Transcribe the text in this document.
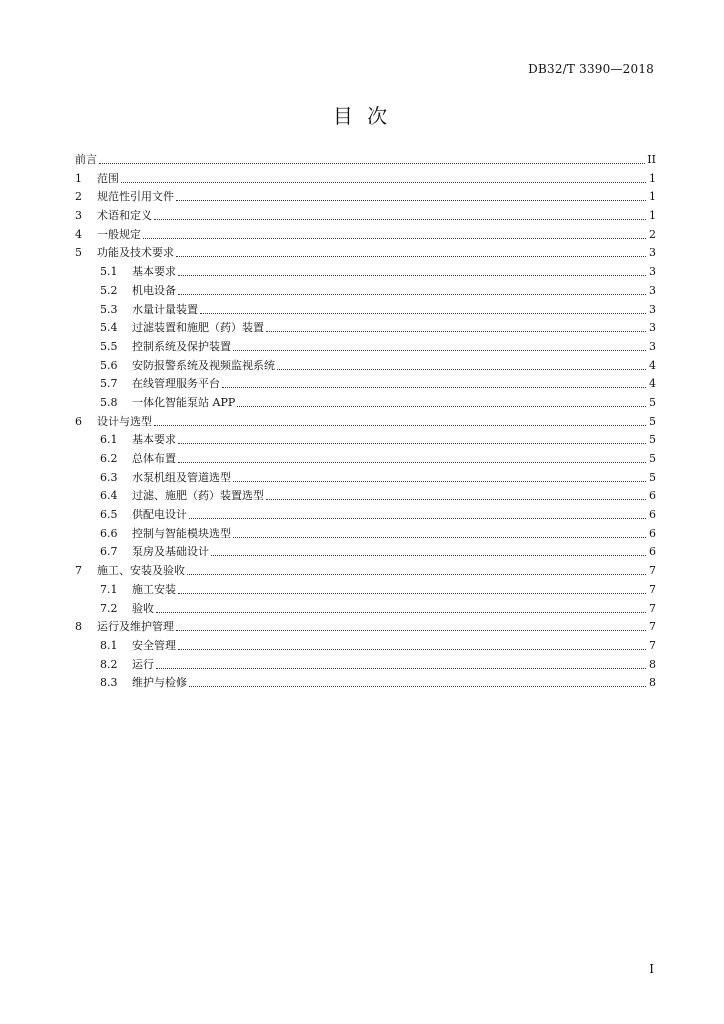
DB32/T 3390—2018
目 次
前言	II
1	范围	1
2	规范性引用文件	1
3	术语和定义	1
4	一般规定	2
5	功能及技术要求	3
5.1	基本要求	3
5.2	机电设备	3
5.3	水量计量装置	3
5.4	过滤装置和施肥（药）装置	3
5.5	控制系统及保护装置	3
5.6	安防报警系统及视频监视系统	4
5.7	在线管理服务平台	4
5.8	一体化智能泵站 APP	5
6	设计与选型	5
6.1	基本要求	5
6.2	总体布置	5
6.3	水泵机组及管道选型	5
6.4	过滤、施肥（药）装置选型	6
6.5	供配电设计	6
6.6	控制与智能模块选型	6
6.7	泵房及基础设计	6
7	施工、安装及验收	7
7.1	施工安装	7
7.2	验收	7
8	运行及维护管理	7
8.1	安全管理	7
8.2	运行	8
8.3	维护与检修	8
I
